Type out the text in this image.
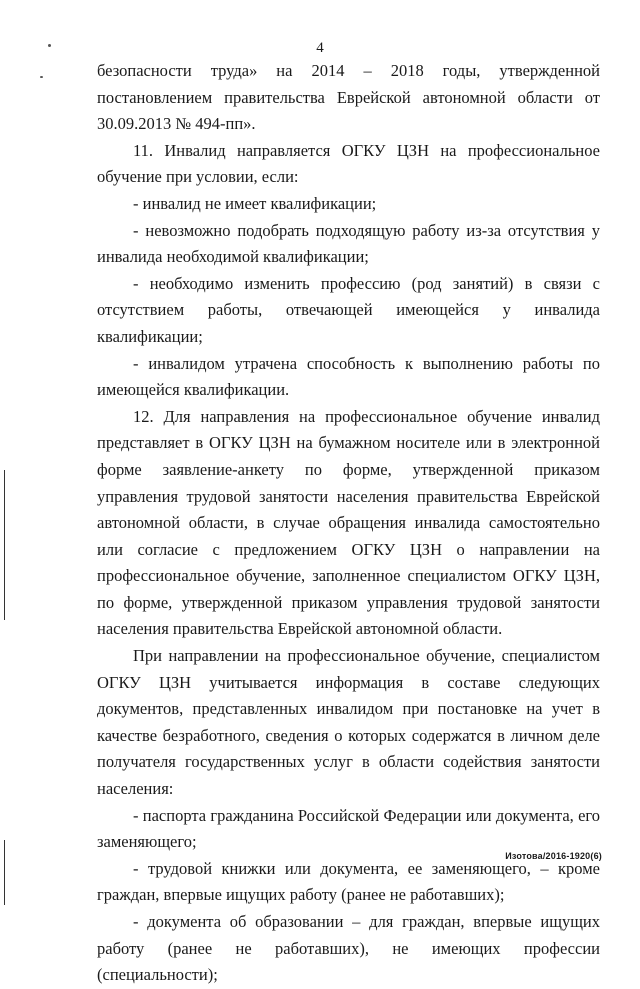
4

безопасности труда» на 2014 – 2018 годы, утвержденной постановлением правительства Еврейской автономной области от 30.09.2013 № 494-пп».

11. Инвалид направляется ОГКУ ЦЗН на профессиональное обучение при условии, если:

- инвалид не имеет квалификации;

- невозможно подобрать подходящую работу из-за отсутствия у инвалида необходимой квалификации;

- необходимо изменить профессию (род занятий) в связи с отсутствием работы, отвечающей имеющейся у инвалида квалификации;

- инвалидом утрачена способность к выполнению работы по имеющейся квалификации.

12. Для направления на профессиональное обучение инвалид представляет в ОГКУ ЦЗН на бумажном носителе или в электронной форме заявление-анкету по форме, утвержденной приказом управления трудовой занятости населения правительства Еврейской автономной области, в случае обращения инвалида самостоятельно или согласие с предложением ОГКУ ЦЗН о направлении на профессиональное обучение, заполненное специалистом ОГКУ ЦЗН, по форме, утвержденной приказом управления трудовой занятости населения правительства Еврейской автономной области.

При направлении на профессиональное обучение, специалистом ОГКУ ЦЗН учитывается информация в составе следующих документов, представленных инвалидом при постановке на учет в качестве безработного, сведения о которых содержатся в личном деле получателя государственных услуг в области содействия занятости населения:

- паспорта гражданина Российской Федерации или документа, его заменяющего;

- трудовой книжки или документа, ее заменяющего, – кроме граждан, впервые ищущих работу (ранее не работавших);

- документа об образовании – для граждан, впервые ищущих работу (ранее не работавших), не имеющих профессии (специальности);

Изотова/2016-1920(6)
